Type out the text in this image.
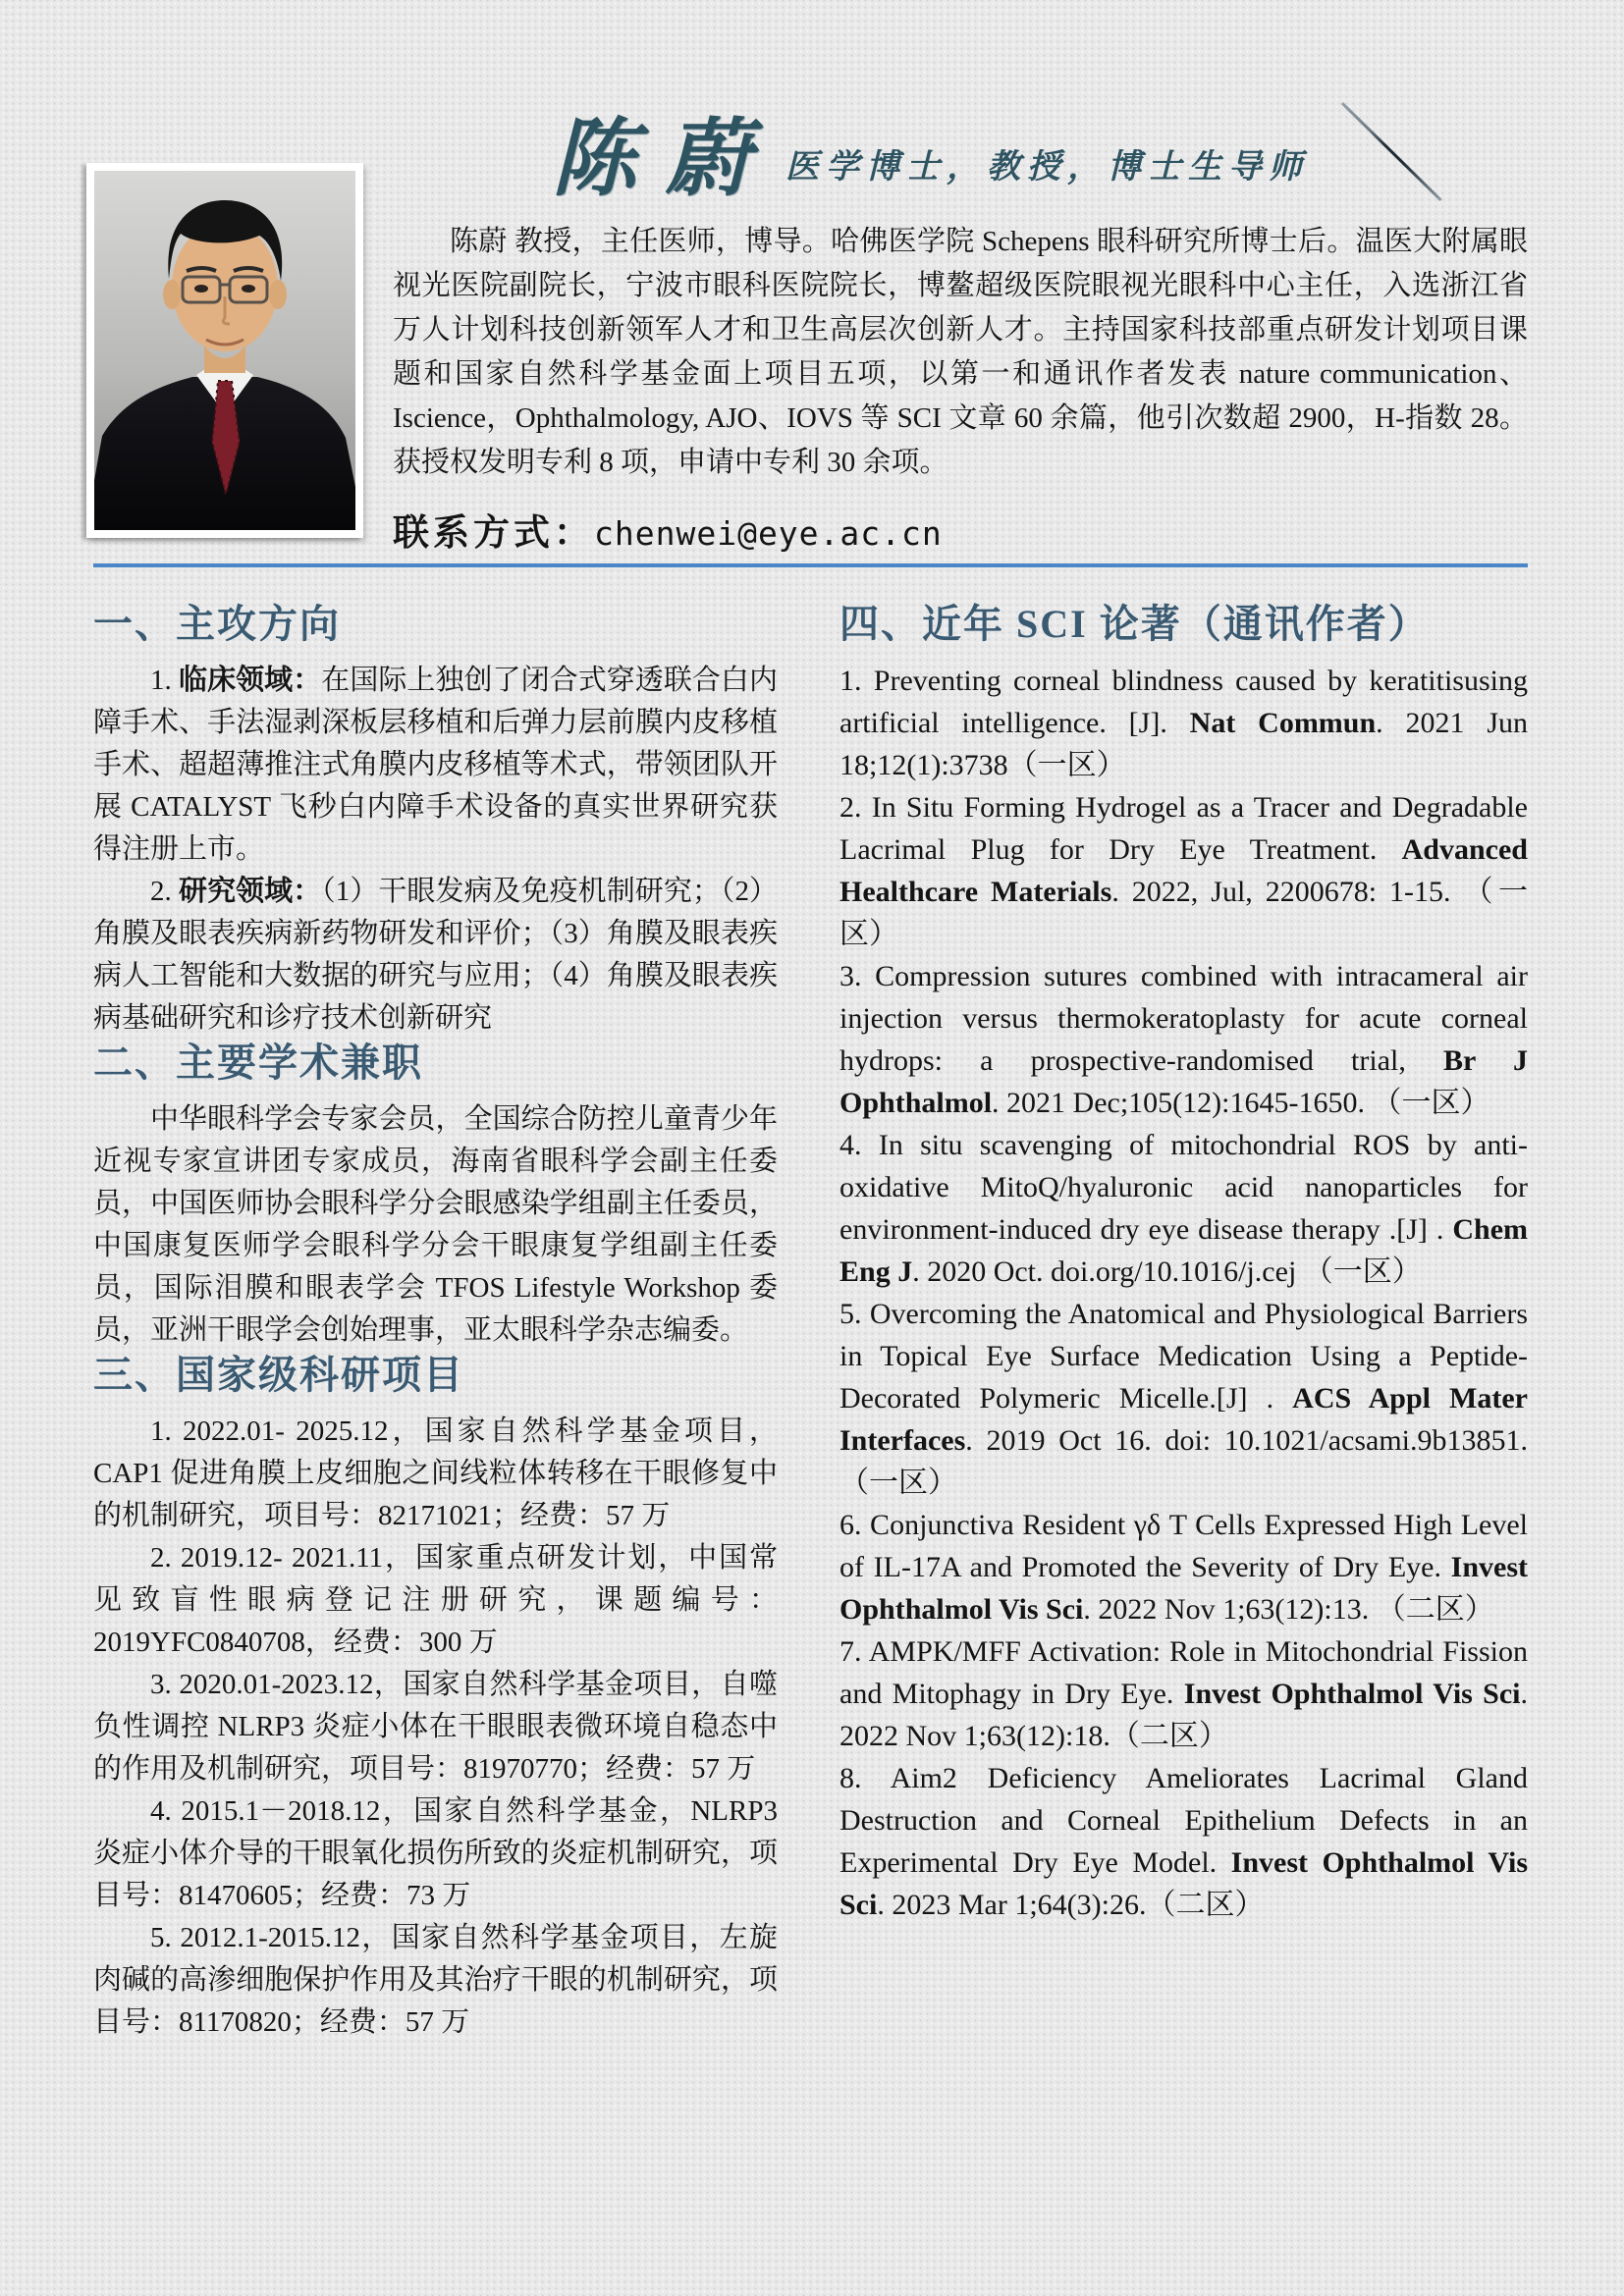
陈蔚 医学博士，教授，博士生导师
陈蔚 教授，主任医师，博导。哈佛医学院 Schepens 眼科研究所博士后。温医大附属眼视光医院副院长，宁波市眼科医院院长，博鳌超级医院眼视光眼科中心主任，入选浙江省万人计划科技创新领军人才和卫生高层次创新人才。主持国家科技部重点研发计划项目课题和国家自然科学基金面上项目五项，以第一和通讯作者发表 nature communication、Iscience，Ophthalmology, AJO、IOVS 等 SCI 文章 60 余篇，他引次数超 2900，H-指数 28。 获授权发明专利 8 项，申请中专利 30 余项。
联系方式：chenwei@eye.ac.cn
一、主攻方向
1. 临床领域：在国际上独创了闭合式穿透联合白内障手术、手法湿剥深板层移植和后弹力层前膜内皮移植手术、超超薄推注式角膜内皮移植等术式，带领团队开展 CATALYST 飞秒白内障手术设备的真实世界研究获得注册上市。
2. 研究领域：（1）干眼发病及免疫机制研究；（2）角膜及眼表疾病新药物研发和评价；（3）角膜及眼表疾病人工智能和大数据的研究与应用；（4）角膜及眼表疾病基础研究和诊疗技术创新研究
二、主要学术兼职
中华眼科学会专家会员，全国综合防控儿童青少年近视专家宣讲团专家成员，海南省眼科学会副主任委员，中国医师协会眼科学分会眼感染学组副主任委员，中国康复医师学会眼科学分会干眼康复学组副主任委员，国际泪膜和眼表学会 TFOS Lifestyle Workshop 委员，亚洲干眼学会创始理事，亚太眼科学杂志编委。
三、国家级科研项目
1. 2022.01- 2025.12，国家自然科学基金项目，CAP1 促进角膜上皮细胞之间线粒体转移在干眼修复中的机制研究，项目号：82171021；经费：57 万
2. 2019.12- 2021.11，国家重点研发计划，中国常见致盲性眼病登记注册研究，课题编号：2019YFC0840708，经费：300 万
3. 2020.01-2023.12，国家自然科学基金项目，自噬负性调控 NLRP3 炎症小体在干眼眼表微环境自稳态中的作用及机制研究，项目号：81970770；经费：57 万
4. 2015.1－2018.12，国家自然科学基金，NLRP3 炎症小体介导的干眼氧化损伤所致的炎症机制研究，项目号：81470605；经费：73 万
5. 2012.1-2015.12，国家自然科学基金项目，左旋肉碱的高渗细胞保护作用及其治疗干眼的机制研究，项目号：81170820；经费：57 万
四、近年 SCI 论著（通讯作者）
1. Preventing corneal blindness caused by keratitisusing artificial intelligence. [J]. Nat Commun. 2021 Jun 18;12(1):3738（一区）
2. In Situ Forming Hydrogel as a Tracer and Degradable Lacrimal Plug for Dry Eye Treatment. Advanced Healthcare Materials. 2022, Jul, 2200678: 1-15. （一区）
3. Compression sutures combined with intracameral air injection versus thermokeratoplasty for acute corneal hydrops: a prospective-randomised trial, Br J Ophthalmol. 2021 Dec;105(12):1645-1650. （一区）
4. In situ scavenging of mitochondrial ROS by anti-oxidative MitoQ/hyaluronic acid nanoparticles for environment-induced dry eye disease therapy .[J] . Chem Eng J. 2020 Oct. doi.org/10.1016/j.cej （一区）
5. Overcoming the Anatomical and Physiological Barriers in Topical Eye Surface Medication Using a Peptide-Decorated Polymeric Micelle.[J] . ACS Appl Mater Interfaces. 2019 Oct 16. doi: 10.1021/acsami.9b13851.（一区）
6. Conjunctiva Resident γδ T Cells Expressed High Level of IL-17A and Promoted the Severity of Dry Eye. Invest Ophthalmol Vis Sci. 2022 Nov 1;63(12):13. （二区）
7. AMPK/MFF Activation: Role in Mitochondrial Fission and Mitophagy in Dry Eye. Invest Ophthalmol Vis Sci. 2022 Nov 1;63(12):18.（二区）
8. Aim2 Deficiency Ameliorates Lacrimal Gland Destruction and Corneal Epithelium Defects in an Experimental Dry Eye Model. Invest Ophthalmol Vis Sci. 2023 Mar 1;64(3):26.（二区）
